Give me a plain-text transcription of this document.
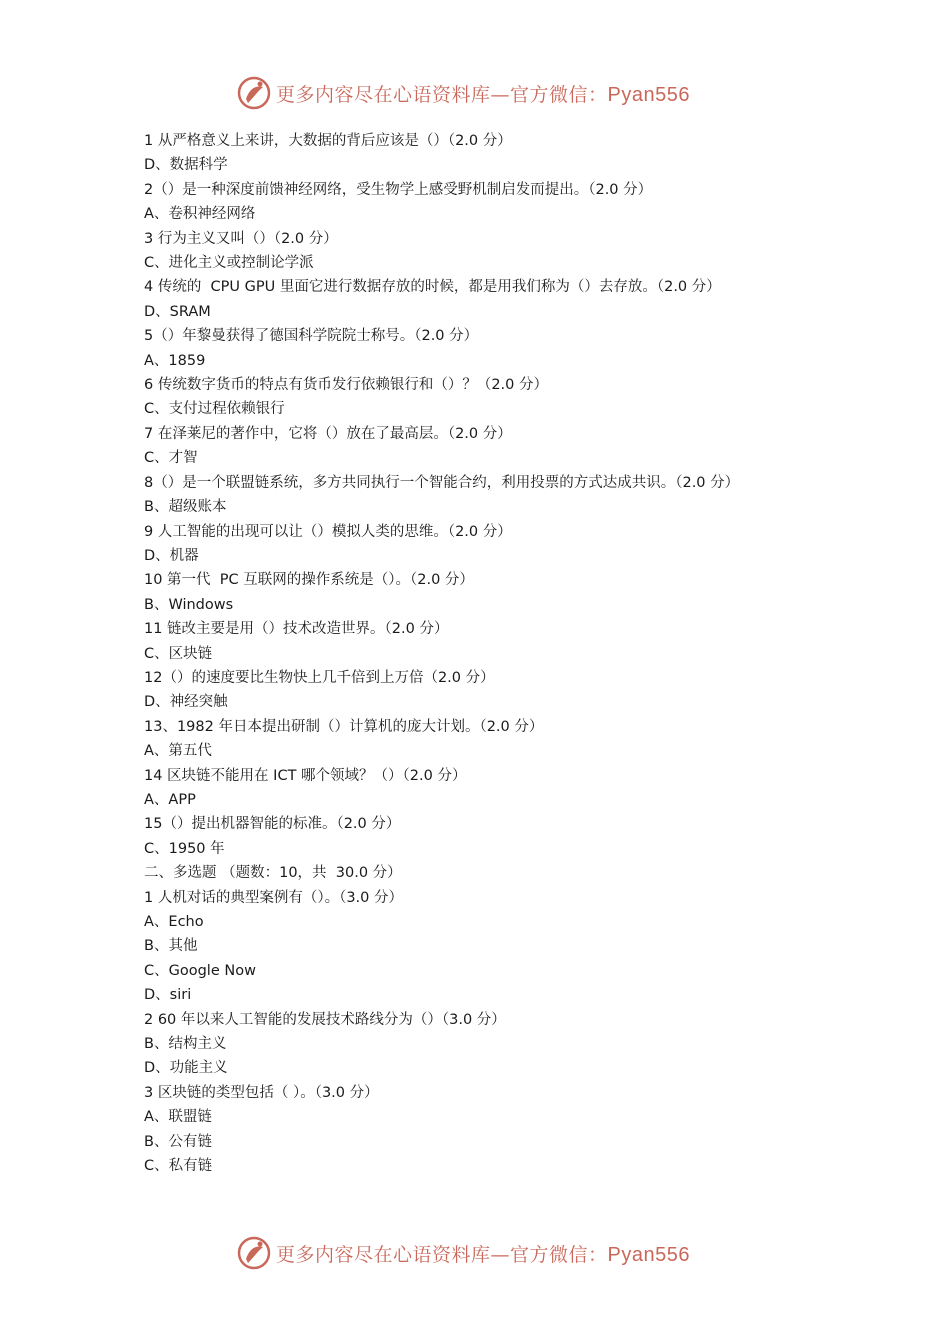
更多内容尽在心语资料库—官方微信：Pyan556
1 从严格意义上来讲，大数据的背后应该是（）（2.0 分）
D、数据科学
2（）是一种深度前馈神经网络，受生物学上感受野机制启发而提出。（2.0 分）
A、卷积神经网络
3 行为主义又叫（）（2.0 分）
C、进化主义或控制论学派
4 传统的  CPU GPU 里面它进行数据存放的时候，都是用我们称为（）去存放。（2.0 分）
D、SRAM
5（）年黎曼获得了德国科学院院士称号。（2.0 分）
A、1859
6 传统数字货币的特点有货币发行依赖银行和（）？（2.0 分）
C、支付过程依赖银行
7 在泽莱尼的著作中，它将（）放在了最高层。（2.0 分）
C、才智
8（）是一个联盟链系统，多方共同执行一个智能合约，利用投票的方式达成共识。（2.0 分）
B、超级账本
9 人工智能的出现可以让（）模拟人类的思维。（2.0 分）
D、机器
10 第一代  PC 互联网的操作系统是（）。（2.0 分）
B、Windows
11 链改主要是用（）技术改造世界。（2.0 分）
C、区块链
12（）的速度要比生物快上几千倍到上万倍（2.0 分）
D、神经突触
13、1982 年日本提出研制（）计算机的庞大计划。（2.0 分）
A、第五代
14 区块链不能用在 ICT 哪个领域？（）（2.0 分）
A、APP
15（）提出机器智能的标准。（2.0 分）
C、1950 年
二、多选题 （题数：10，共  30.0 分）
1 人机对话的典型案例有（）。（3.0 分）
A、Echo
B、其他
C、Google Now
D、siri
2 60 年以来人工智能的发展技术路线分为（）（3.0 分）
B、结构主义
D、功能主义
3 区块链的类型包括（ ）。（3.0 分）
A、联盟链
B、公有链
C、私有链
更多内容尽在心语资料库—官方微信：Pyan556
